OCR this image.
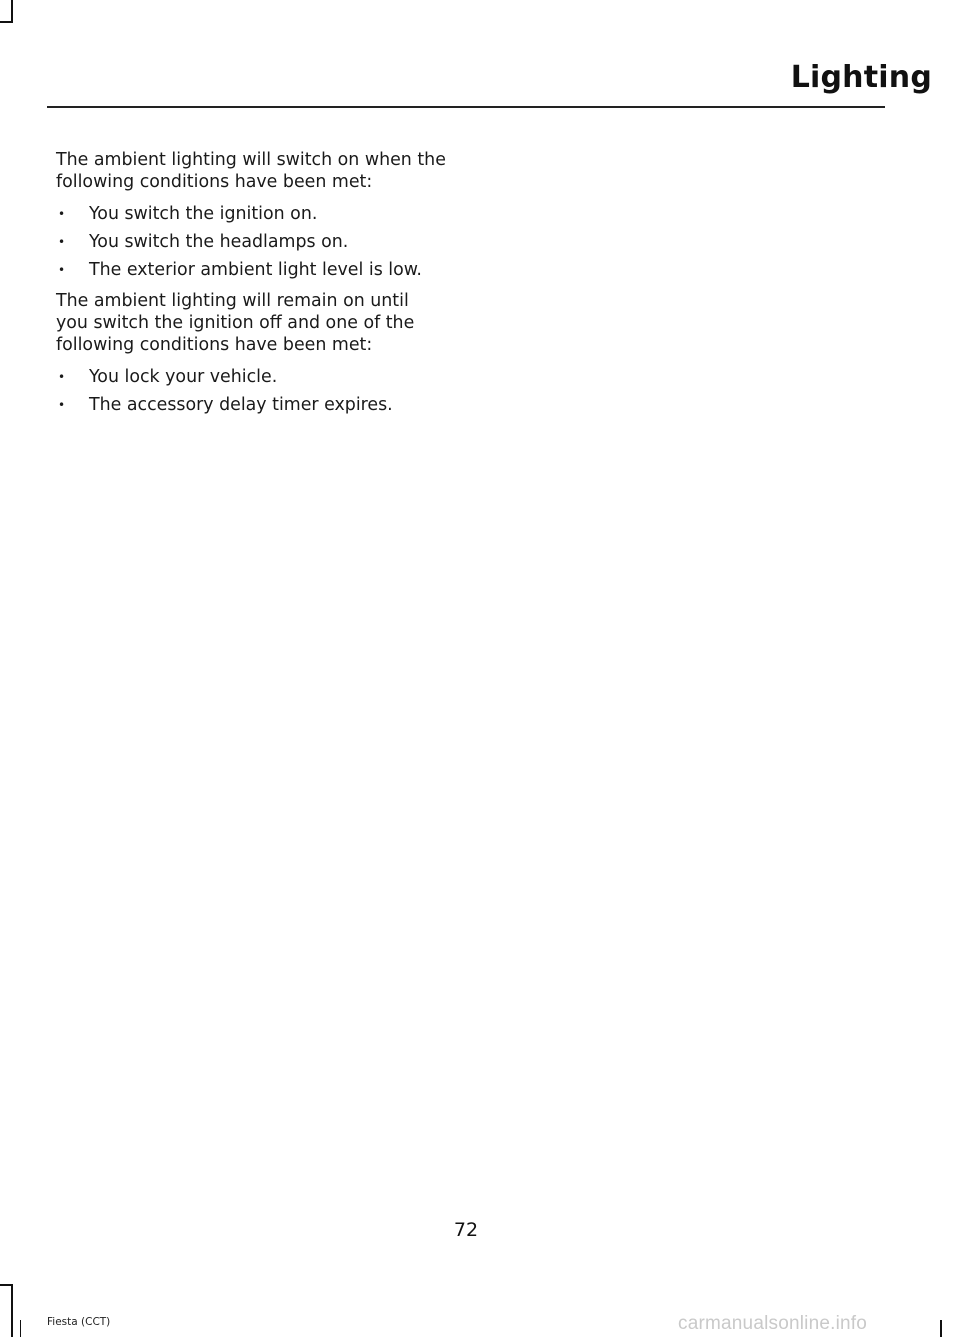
Lighting

The ambient lighting will switch on when the following conditions have been met:

• You switch the ignition on.
• You switch the headlamps on.
• The exterior ambient light level is low.

The ambient lighting will remain on until you switch the ignition off and one of the following conditions have been met:

• You lock your vehicle.
• The accessory delay timer expires.
72
Fiesta (CCT)	carmanualsonline.info
